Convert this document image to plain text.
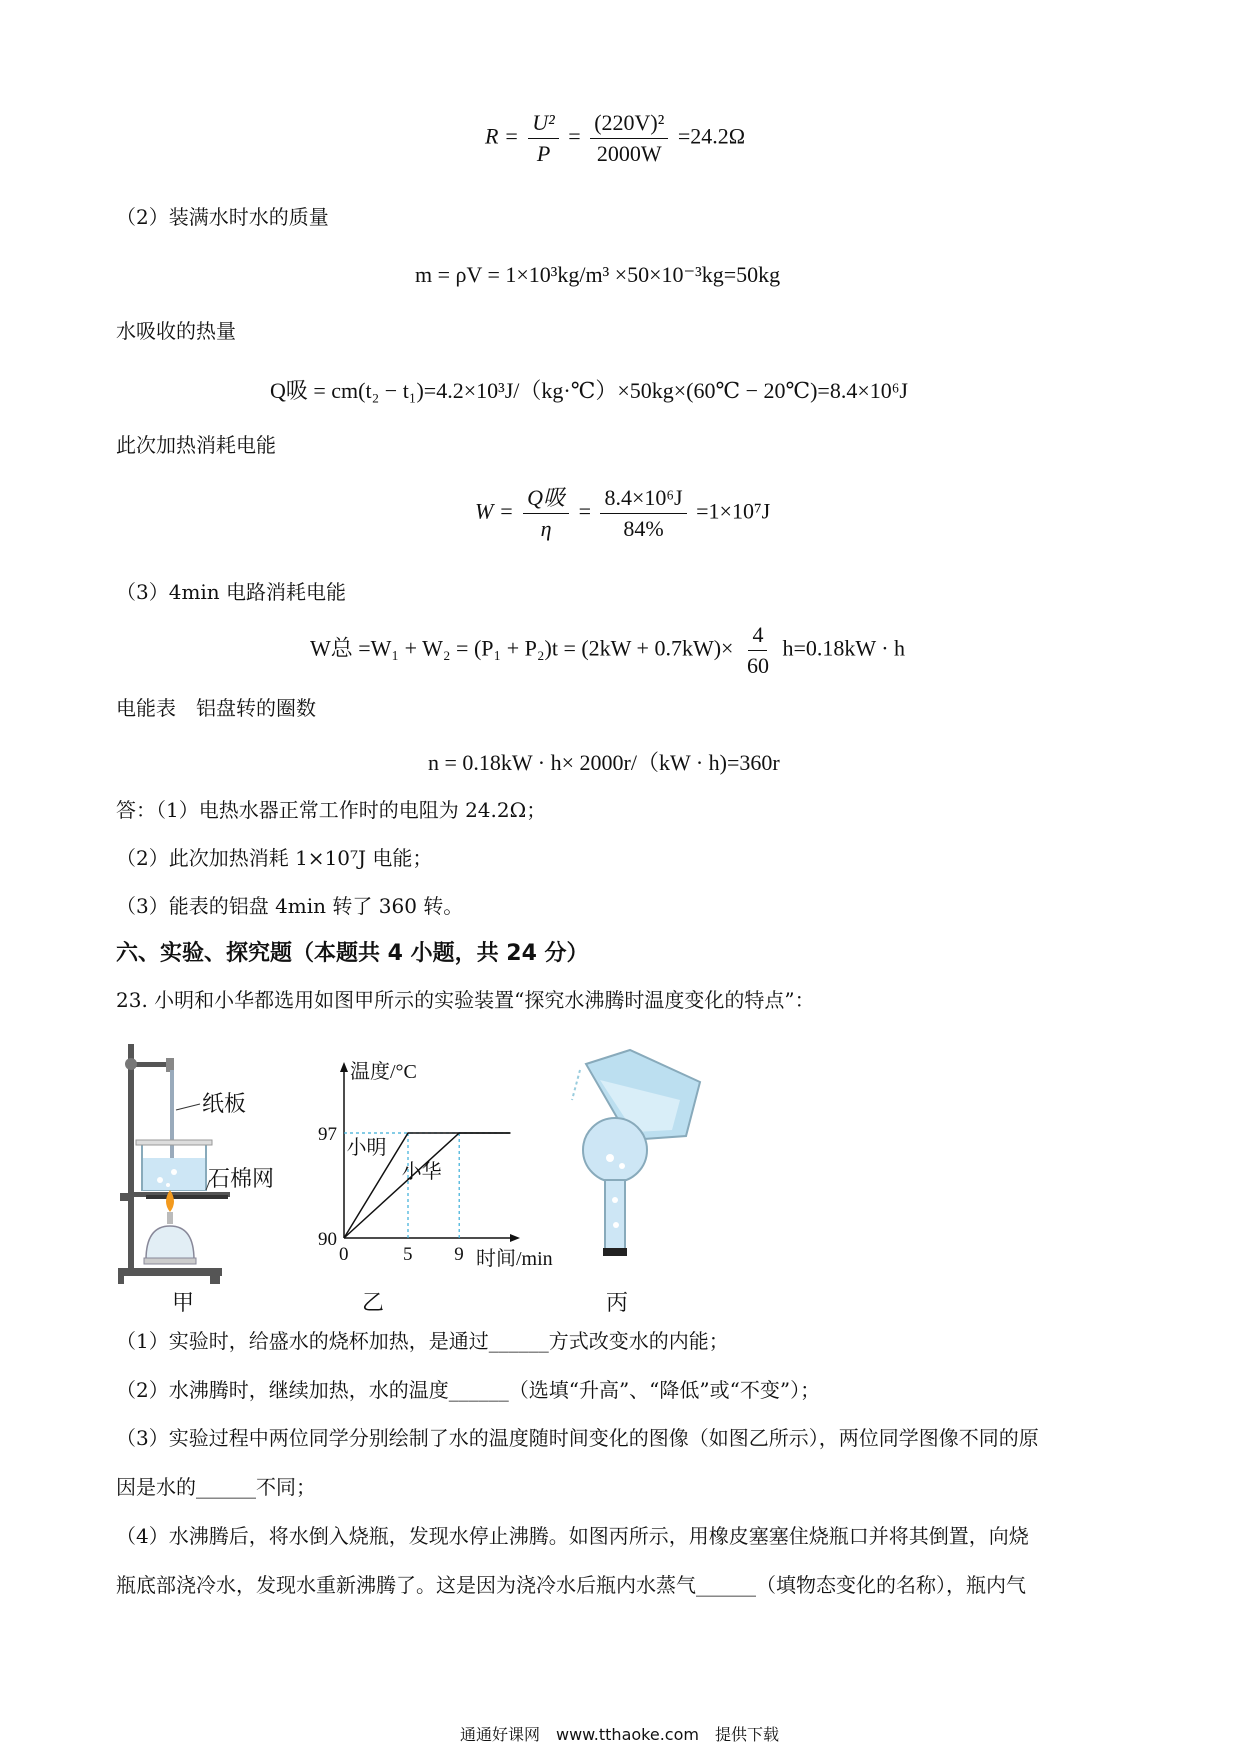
$R = \frac{\text{U²}}{P} = \frac{\text{(220V)²}}{2000W} =24.2\Omega$
（2）装满水时水的质量
m = ρV = 1×10³kg/m³ ×50×10⁻³kg=50kg
水吸收的热量
Q吸 = cm(t₂ − t₁)=4.2×10³J/（kg·℃）×50kg×(60℃ − 20℃)=8.4×10⁶J
此次加热消耗电能
$W = \frac{\text{Q吸}}{\eta} = \frac{\text{8.4×10⁶J}}{84\%} =1\times 10^7J$
（3）4min 电路消耗电能
W总 $=W_1 + W_2 = (P_1 + P_2)t = (2kW + 0.7kW)\times \frac{4}{60} h=0.18kW \cdot h$
电能表　铝盘转的圈数
n = 0.18kW · h× 2000r/（kW · h)=360r
答：（1）电热水器正常工作时的电阻为 24.2Ω；
（2）此次加热消耗 1×10⁷J 电能；
（3）能表的铝盘 4min 转了 360 转。
六、实验、探究题（本题共 4 小题，共 24 分）
23. 小明和小华都选用如图甲所示的实验装置“探究水沸腾时温度变化的特点”：
纸板
石棉网
甲
温度/°C
时间/min
小明
小华
97
90
0	5 9
乙	丙
（1）实验时，给盛水的烧杯加热，是通过______方式改变水的内能；
（2）水沸腾时，继续加热，水的温度______（选填“升高”、“降低”或“不变”）；
（3）实验过程中两位同学分别绘制了水的温度随时间变化的图像（如图乙所示），两位同学图像不同的原
因是水的______不同；
（4）水沸腾后，将水倒入烧瓶，发现水停止沸腾。如图丙所示，用橡皮塞塞住烧瓶口并将其倒置，向烧
瓶底部浇冷水，发现水重新沸腾了。这是因为浇冷水后瓶内水蒸气______（填物态变化的名称），瓶内气
通通好课网　www.tthaoke.com　提供下载
